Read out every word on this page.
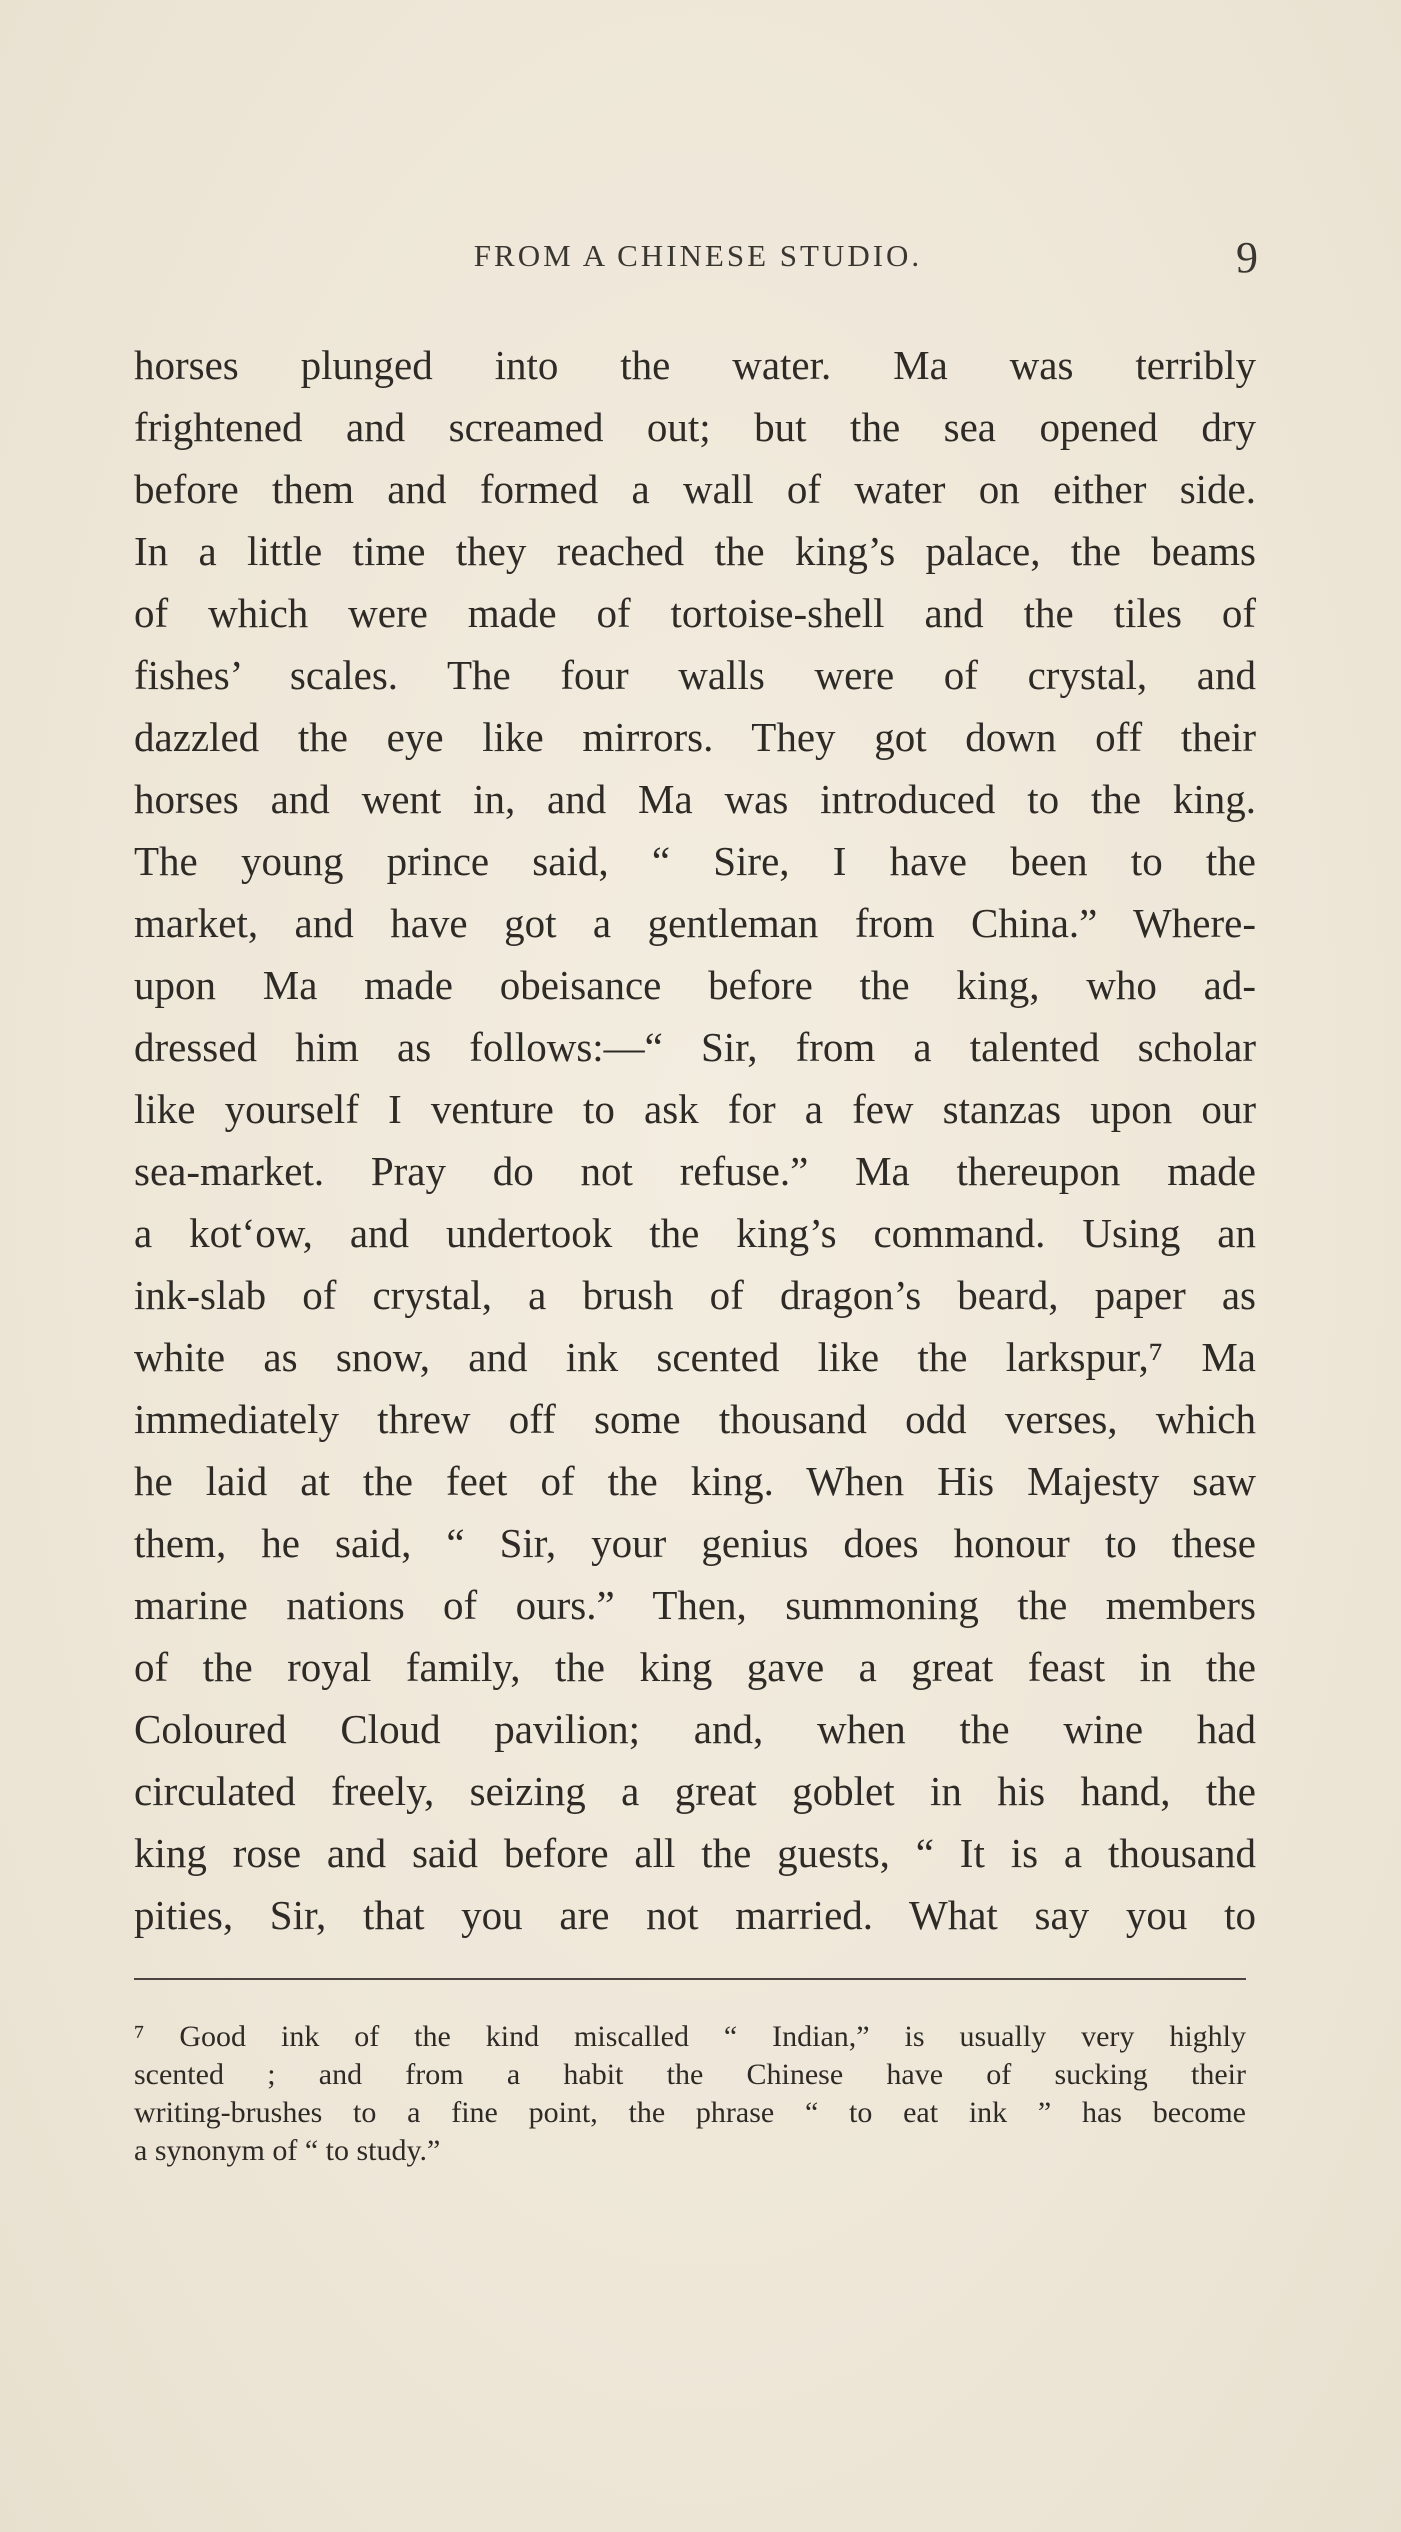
FROM A CHINESE STUDIO.	9
horses plunged into the water. Ma was terribly
frightened and screamed out; but the sea opened dry
before them and formed a wall of water on either side.
In a little time they reached the king’s palace, the beams
of which were made of tortoise-shell and the tiles of
fishes’ scales. The four walls were of crystal, and
dazzled the eye like mirrors. They got down off their
horses and went in, and Ma was introduced to the king.
The young prince said, “ Sire, I have been to the
market, and have got a gentleman from China.” Where-
upon Ma made obeisance before the king, who ad-
dressed him as follows:—“ Sir, from a talented scholar
like yourself I venture to ask for a few stanzas upon our
sea-market. Pray do not refuse.” Ma thereupon made
a kot‘ow, and undertook the king’s command. Using an
ink-slab of crystal, a brush of dragon’s beard, paper as
white as snow, and ink scented like the larkspur,⁷ Ma
immediately threw off some thousand odd verses, which
he laid at the feet of the king. When His Majesty saw
them, he said, “ Sir, your genius does honour to these
marine nations of ours.” Then, summoning the members
of the royal family, the king gave a great feast in the
Coloured Cloud pavilion; and, when the wine had
circulated freely, seizing a great goblet in his hand, the
king rose and said before all the guests, “ It is a thousand
pities, Sir, that you are not married. What say you to
⁷ Good ink of the kind miscalled “ Indian,” is usually very highly
scented ; and from a habit the Chinese have of sucking their
writing-brushes to a fine point, the phrase “ to eat ink ” has become
a synonym of “ to study.”
